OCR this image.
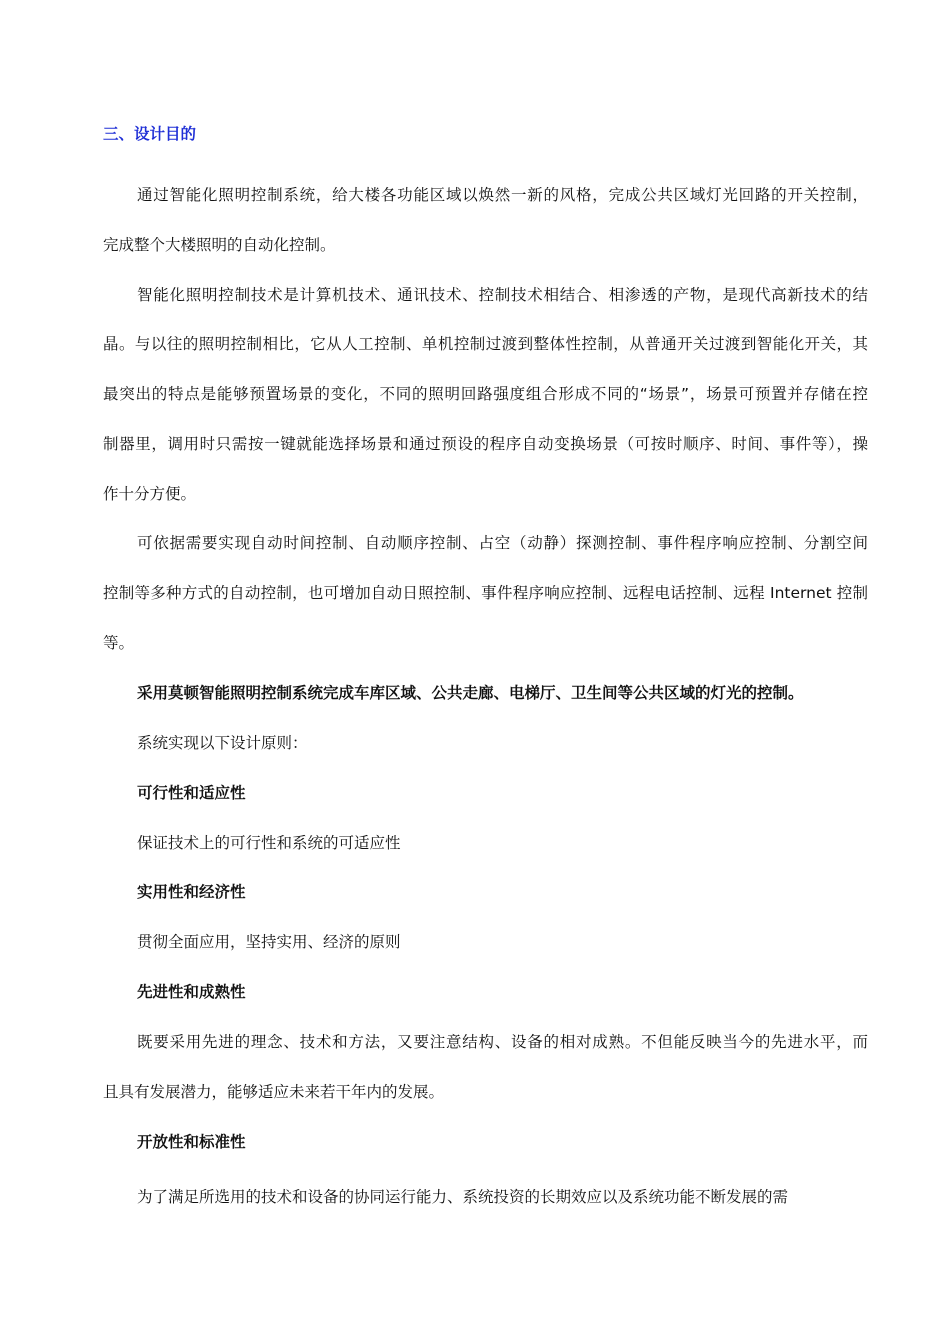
三、设计目的

通过智能化照明控制系统，给大楼各功能区域以焕然一新的风格，完成公共区域灯光回路的开关控制，

完成整个大楼照明的自动化控制。

智能化照明控制技术是计算机技术、通讯技术、控制技术相结合、相渗透的产物，是现代高新技术的结

晶。与以往的照明控制相比，它从人工控制、单机控制过渡到整体性控制，从普通开关过渡到智能化开关，其

最突出的特点是能够预置场景的变化，不同的照明回路强度组合形成不同的“场景”，场景可预置并存储在控

制器里，调用时只需按一键就能选择场景和通过预设的程序自动变换场景（可按时顺序、时间、事件等），操

作十分方便。

可依据需要实现自动时间控制、自动顺序控制、占空（动静）探测控制、事件程序响应控制、分割空间

控制等多种方式的自动控制，也可增加自动日照控制、事件程序响应控制、远程电话控制、远程 Internet 控制

等。

采用莫顿智能照明控制系统完成车库区域、公共走廊、电梯厅、卫生间等公共区域的灯光的控制。

系统实现以下设计原则：

可行性和适应性

保证技术上的可行性和系统的可适应性

实用性和经济性

贯彻全面应用，坚持实用、经济的原则

先进性和成熟性

既要采用先进的理念、技术和方法，又要注意结构、设备的相对成熟。不但能反映当今的先进水平，而

且具有发展潜力，能够适应未来若干年内的发展。

开放性和标准性

为了满足所选用的技术和设备的协同运行能力、系统投资的长期效应以及系统功能不断发展的需
